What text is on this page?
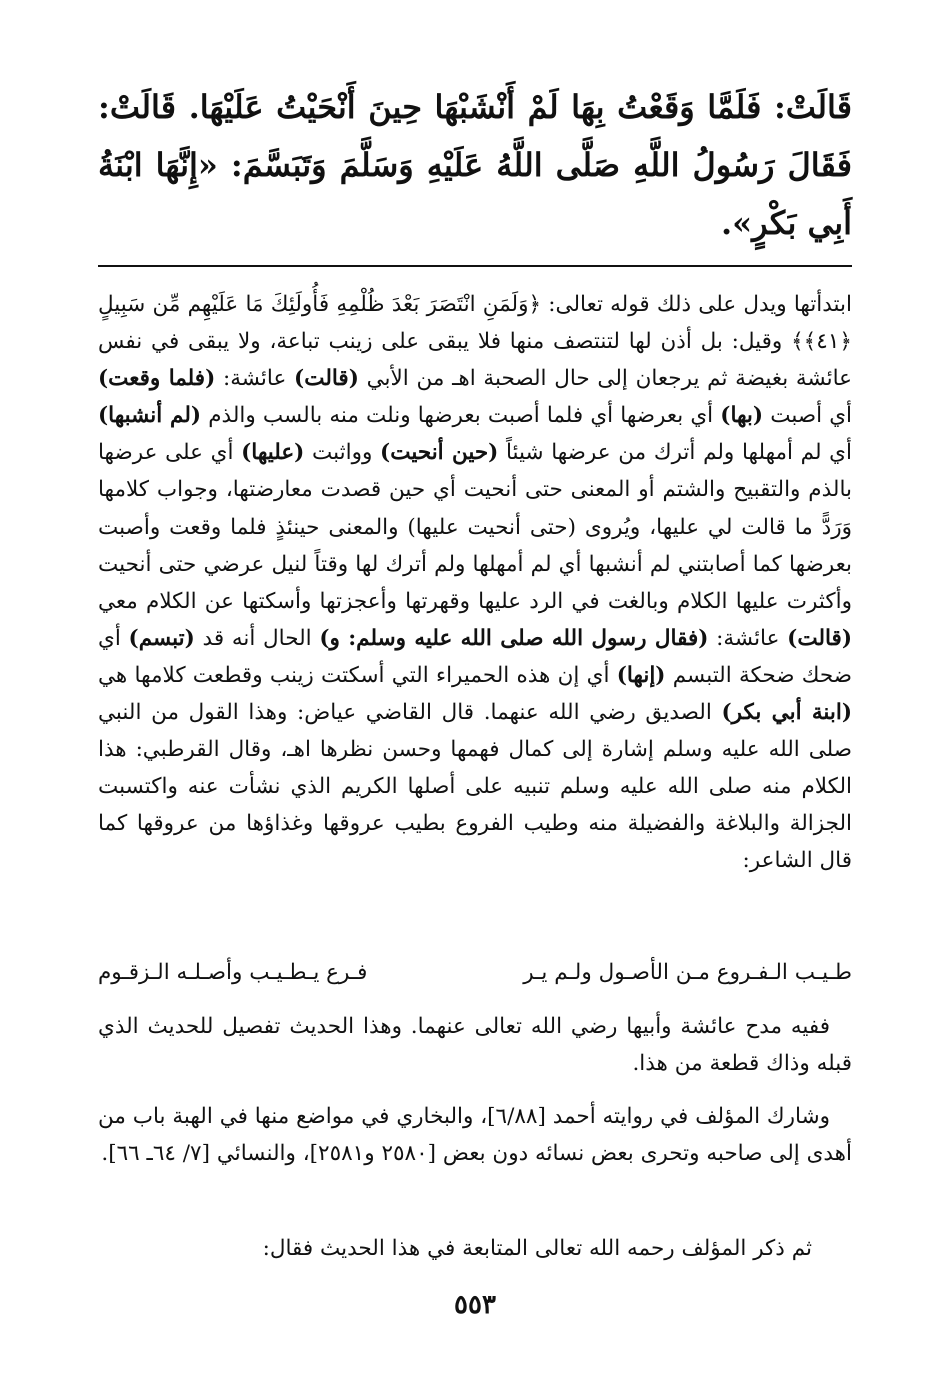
قَالَتْ: فَلَمَّا وَقَعْتُ بِهَا لَمْ أَنْشَبْهَا حِينَ أَنْحَيْتُ عَلَيْهَا. قَالَتْ: فَقَالَ رَسُولُ اللَّهِ صَلَّى اللَّهُ عَلَيْهِ وَسَلَّمَ وَتَبَسَّمَ: «إِنَّهَا ابْنَةُ أَبِي بَكْرٍ».

ابتدأتها ويدل على ذلك قوله تعالى: ﴿وَلَمَنِ انْتَصَرَ بَعْدَ ظُلْمِهِ فَأُولَئِكَ مَا عَلَيْهِم مِّن سَبِيلٍ ﴿٤١﴾﴾ وقيل: بل أذن لها لتنتصف منها فلا يبقى على زينب تباعة، ولا يبقى في نفس عائشة بغيضة ثم يرجعان إلى حال الصحبة اهـ من الأبي (قالت) عائشة: (فلما وقعت) أي أصبت (بها) أي بعرضها أي فلما أصبت بعرضها ونلت منه بالسب والذم (لم أنشبها) أي لم أمهلها ولم أترك من عرضها شيئاً (حين أنحيت) وواثبت (عليها) أي على عرضها بالذم والتقبيح والشتم أو المعنى حتى أنحيت أي حين قصدت معارضتها، وجواب كلامها وَرَدًّ ما قالت لي عليها، ويُروى (حتى أنحيت عليها) والمعنى حينئذٍ فلما وقعت وأصبت بعرضها كما أصابتني لم أنشبها أي لم أمهلها ولم أترك لها وقتاً لنيل عرضي حتى أنحيت وأكثرت عليها الكلام وبالغت في الرد عليها وقهرتها وأعجزتها وأسكتها عن الكلام معي (قالت) عائشة: (فقال رسول الله صلى الله عليه وسلم: و) الحال أنه قد (تبسم) أي ضحك ضحكة التبسم (إنها) أي إن هذه الحميراء التي أسكتت زينب وقطعت كلامها هي (ابنة أبي بكر) الصديق رضي الله عنهما. قال القاضي عياض: وهذا القول من النبي صلى الله عليه وسلم إشارة إلى كمال فهمها وحسن نظرها اهـ، وقال القرطبي: هذا الكلام منه صلى الله عليه وسلم تنبيه على أصلها الكريم الذي نشأت عنه واكتسبت الجزالة والبلاغة والفضيلة منه وطيب الفروع بطيب عروقها وغذاؤها من عروقها كما قال الشاعر:

طـيـب الـفـروع مـن الأصـول ولـم يـر
فـرع يـطـيـب وأصـلـه الـزقـوم

ففيه مدح عائشة وأبيها رضي الله تعالى عنهما. وهذا الحديث تفصيل للحديث الذي قبله وذاك قطعة من هذا.

وشارك المؤلف في روايته أحمد [٦/٨٨]، والبخاري في مواضع منها في الهبة باب من أهدى إلى صاحبه وتحرى بعض نسائه دون بعض [٢٥٨٠ و٢٥٨١]، والنسائي [٧/ ٦٤ـ ٦٦].

ثم ذكر المؤلف رحمه الله تعالى المتابعة في هذا الحديث فقال:

٥٥٣
